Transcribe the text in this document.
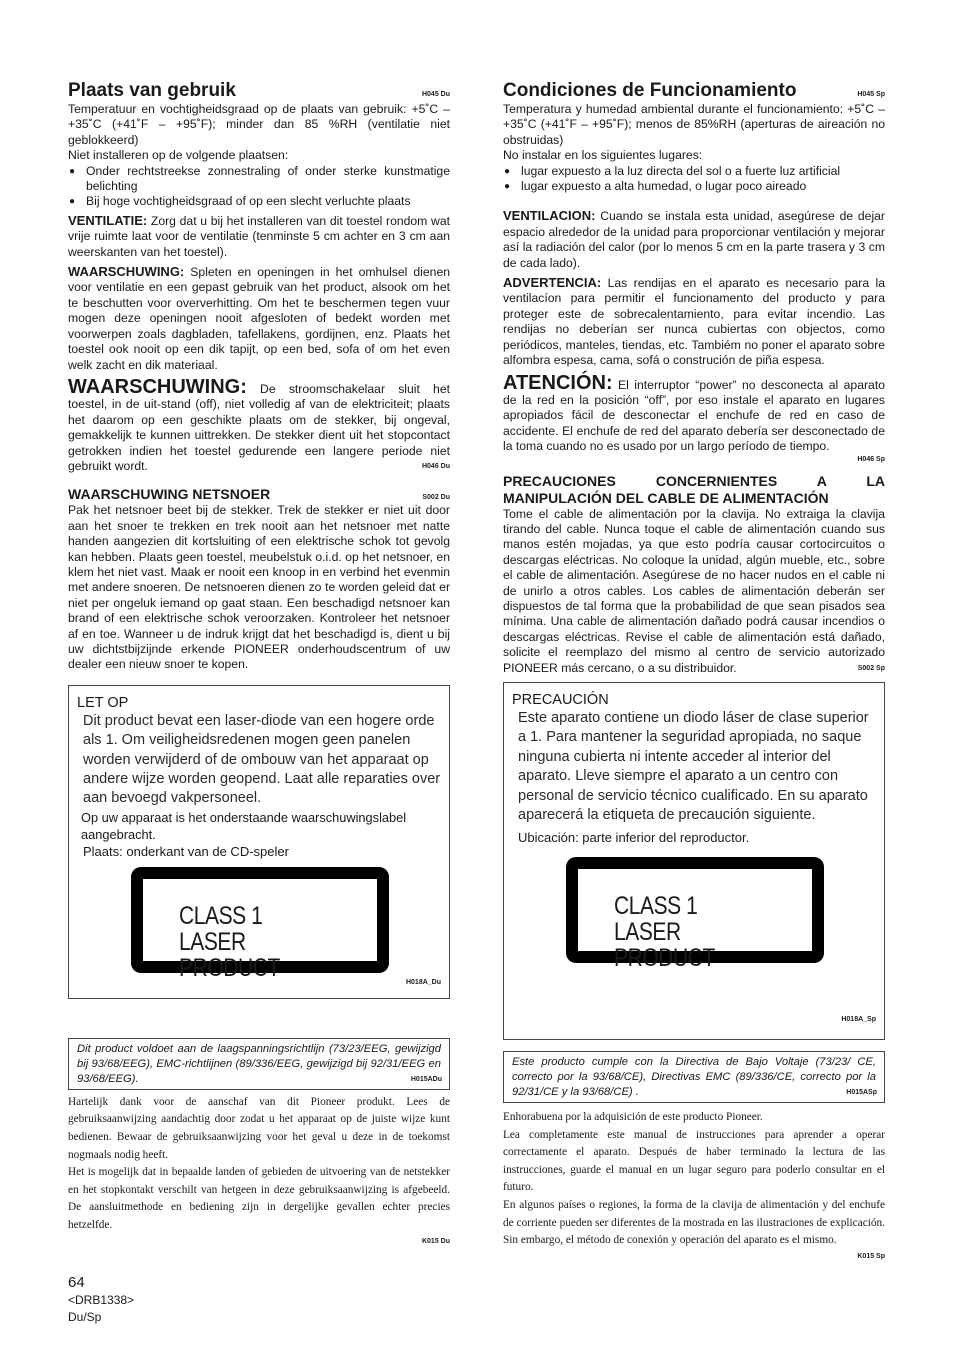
Plaats van gebruik	H045 Du

Temperatuur en vochtigheidsgraad op de plaats van gebruik: +5˚C – +35˚C (+41˚F – +95˚F); minder dan 85 %RH (ventilatie niet geblokkeerd)

Niet installeren op de volgende plaatsen:

● Onder rechtstreekse zonnestraling of onder sterke kunstmatige belichting
● Bij hoge vochtigheidsgraad of op een slecht verluchte plaats

VENTILATIE: Zorg dat u bij het installeren van dit toestel rondom wat vrije ruimte laat voor de ventilatie (tenminste 5 cm achter en 3 cm aan weerskanten van het toestel).

WAARSCHUWING: Spleten en openingen in het omhulsel dienen voor ventilatie en een gepast gebruik van het product, alsook om het te beschutten voor oververhitting. Om het te beschermen tegen vuur mogen deze openingen nooit afgesloten of bedekt worden met voorwerpen zoals dagbladen, tafellakens, gordijnen, enz. Plaats het toestel ook nooit op een dik tapijt, op een bed, sofa of om het even welk zacht en dik materiaal.

WAARSCHUWING: De stroomschakelaar sluit het toestel, in de uit-stand (off), niet volledig af van de elektriciteit; plaats het daarom op een geschikte plaats om de stekker, bij ongeval, gemakkelijk te kunnen uittrekken. De stekker dient uit het stopcontact getrokken indien het toestel gedurende een langere periode niet gebruikt wordt.	H046 Du
WAARSCHUWING NETSNOER	S002 Du

Pak het netsnoer beet bij de stekker. Trek de stekker er niet uit door aan het snoer te trekken en trek nooit aan het netsnoer met natte handen aangezien dit kortsluiting of een elektrische schok tot gevolg kan hebben. Plaats geen toestel, meubelstuk o.i.d. op het netsnoer, en klem het niet vast. Maak er nooit een knoop in en verbind het evenmin met andere snoeren. De netsnoeren dienen zo te worden geleid dat er niet per ongeluk iemand op gaat staan. Een beschadigd netsnoer kan brand of een elektrische schok veroorzaken. Kontroleer het netsnoer af en toe. Wanneer u de indruk krijgt dat het beschadigd is, dient u bij uw dichtstbijzijnde erkende PIONEER onderhoudscentrum of uw dealer een nieuw snoer te kopen.

LET OP
Dit product bevat een laser-diode van een hogere orde als 1. Om veiligheidsredenen mogen geen panelen worden verwijderd of de ombouw van het apparaat op andere wijze worden geopend. Laat alle reparaties over aan bevoegd vakpersoneel.
Op uw apparaat is het onderstaande waarschuwingslabel aangebracht.
Plaats: onderkant van de CD-speler
CLASS 1
LASER PRODUCT
H018A_Du
Dit product voldoet aan de laagspanningsrichtlijn (73/23/EEG, gewijzigd bij 93/68/EEG), EMC-richtlijnen (89/336/EEG, gewijzigd bij 92/31/EEG en 93/68/EEG).	H015ADu

Hartelijk dank voor de aanschaf van dit Pioneer produkt. Lees de gebruiksaanwijzing aandachtig door zodat u het apparaat op de juiste wijze kunt bedienen. Bewaar de gebruiksaanwijzing voor het geval u deze in de toekomst nogmaals nodig heeft.

Het is mogelijk dat in bepaalde landen of gebieden de uitvoering van de netstekker en het stopkontakt verschilt van hetgeen in deze gebruiksaanwijzing is afgebeeld. De aansluitmethode en bediening zijn in dergelijke gevallen echter precies hetzelfde.

K015 Du
Condiciones de Funcionamiento	H045 Sp

Temperatura y humedad ambiental durante el funcionamiento: +5˚C – +35˚C (+41˚F – +95˚F); menos de 85%RH (aperturas de aireación no obstruidas)

No instalar en los siguientes lugares:

● lugar expuesto a la luz directa del sol o a fuerte luz artificial
● lugar expuesto a alta humedad, o lugar poco aireado

VENTILACION: Cuando se instala esta unidad, asegúrese de dejar espacio alrededor de la unidad para proporcionar ventilación y mejorar así la radiación del calor (por lo menos 5 cm en la parte trasera y 3 cm de cada lado).

ADVERTENCIA: Las rendijas en el aparato es necesario para la ventilacíon para permitir el funcionamento del producto y para proteger este de sobrecalentamiento, para evitar incendio. Las rendijas no deberían ser nunca cubiertas con objectos, como periódicos, manteles, tiendas, etc. Tambiém no poner el aparato sobre alfombra espesa, cama, sofá o construción de piña espesa.

ATENCIÓN: El interruptor “power” no desconecta al aparato de la red en la posición “off”, por eso instale el aparato en lugares apropiados fácil de desconectar el enchufe de red en caso de accidente. El enchufe de red del aparato debería ser desconectado de la toma cuando no es usado por un largo período de tiempo.

H046 Sp
PRECAUCIONES CONCERNIENTES A LA MANIPULACIÓN DEL CABLE DE ALIMENTACIÓN

Tome el cable de alimentación por la clavija. No extraiga la clavija tirando del cable. Nunca toque el cable de alimentación cuando sus manos estén mojadas, ya que esto podría causar cortocircuitos o descargas eléctricas. No coloque la unidad, algún mueble, etc., sobre el cable de alimentación. Asegúrese de no hacer nudos en el cable ni de unirlo a otros cables. Los cables de alimentación deberán ser dispuestos de tal forma que la probabilidad de que sean pisados sea mínima. Una cable de alimentación dañado podrá causar incendios o descargas eléctricas. Revise el cable de alimentación está dañado, solicite el reemplazo del mismo al centro de servicio autorizado PIONEER más cercano, o a su distribuidor.	S002 Sp
PRECAUCIÓN
Este aparato contiene un diodo láser de clase superior a 1. Para mantener la seguridad apropiada, no saque ninguna cubierta ni intente acceder al interior del aparato. Lleve siempre el aparato a un centro con personal de servicio técnico cualificado. En su aparato aparecerá la etiqueta de precaución siguiente.
Ubicación: parte inferior del reproductor.
CLASS 1
LASER PRODUCT
H018A_Sp
Este producto cumple con la Directiva de Bajo Voltaje (73/23/ CE, correcto por la 93/68/CE), Directivas EMC (89/336/CE, correcto por la 92/31/CE y la 93/68/CE) .	H015ASp

Enhorabuena por la adquisición de este producto Pioneer.

Lea completamente este manual de instrucciones para aprender a operar correctamente el aparato. Después de haber terminado la lectura de las instrucciones, guarde el manual en un lugar seguro para poderlo consultar en el futuro.

En algunos países o regiones, la forma de la clavija de alimentación y del enchufe de corriente pueden ser diferentes de la mostrada en las ilustraciones de explicación. Sin embargo, el método de conexión y operación del aparato es el mismo.

K015 Sp
64
<DRB1338>
Du/Sp
